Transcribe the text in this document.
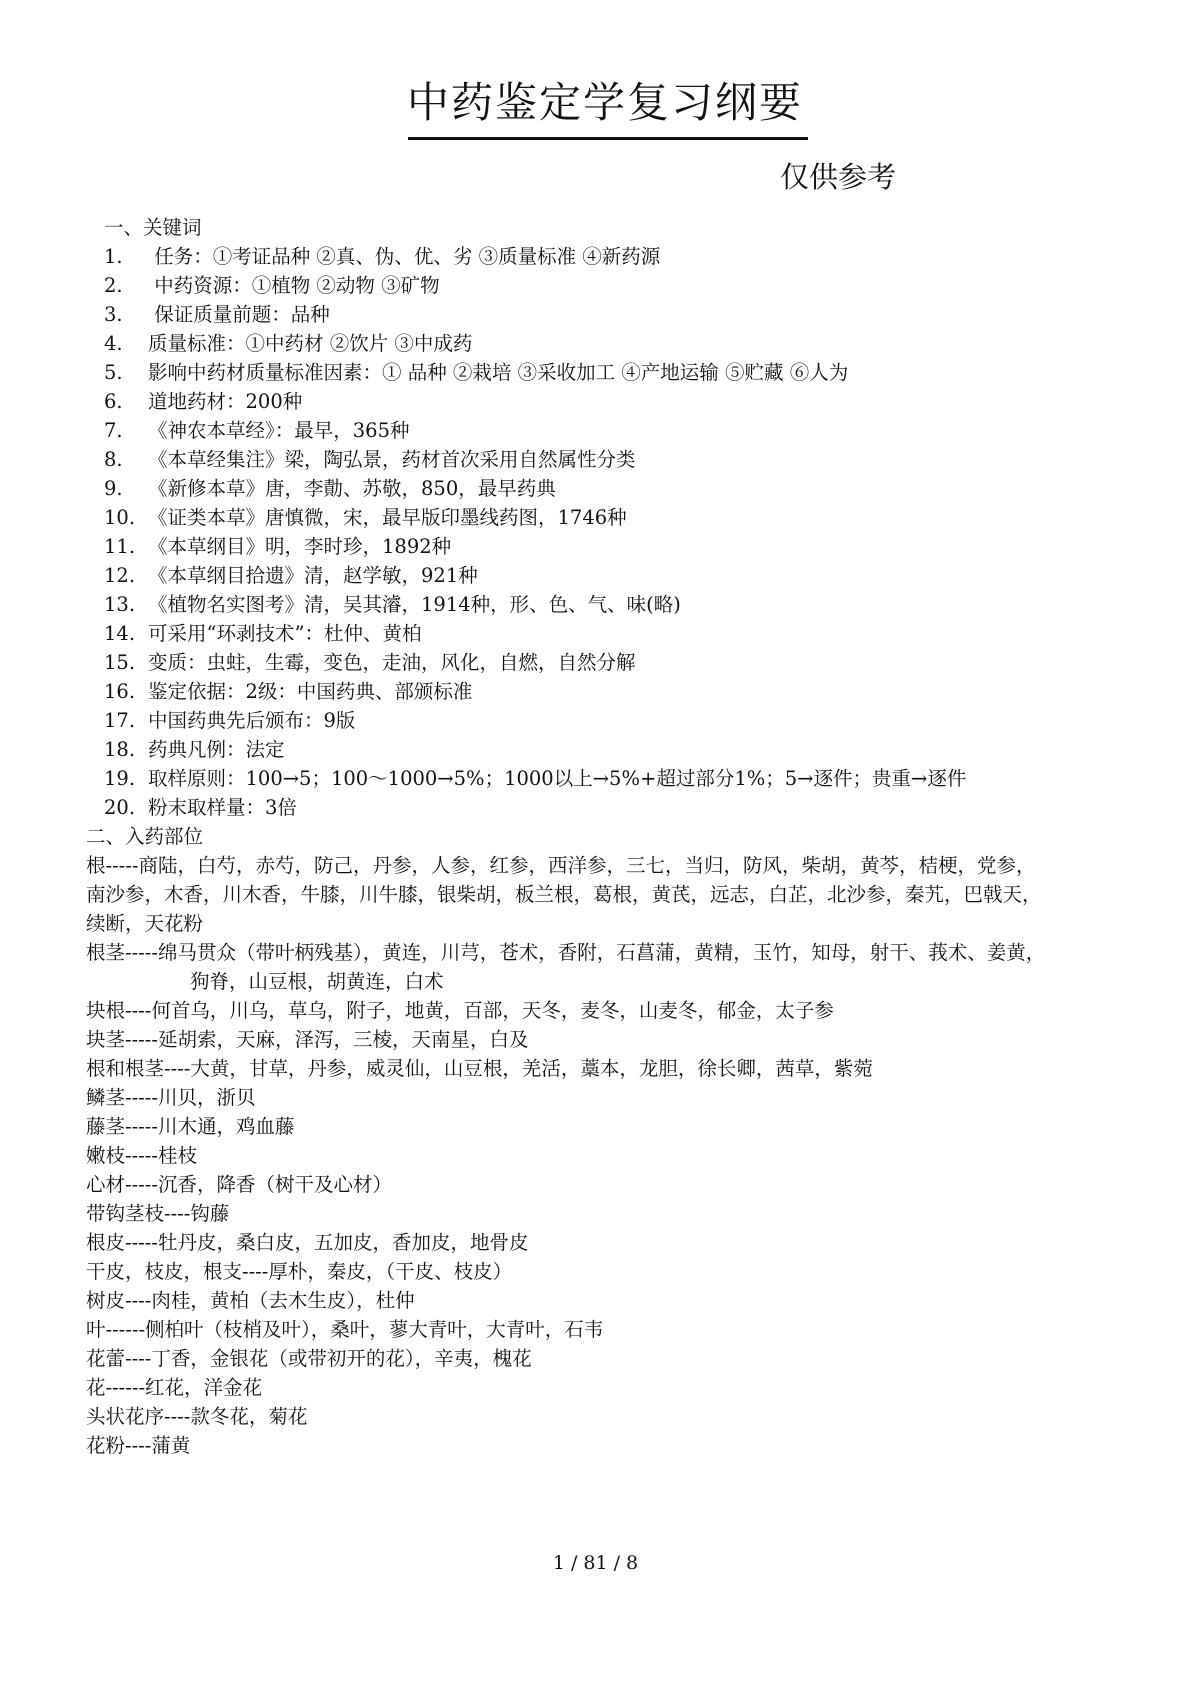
中药鉴定学复习纲要
仅供参考
一、关键词
1. 任务：①考证品种 ②真、伪、优、劣 ③质量标准 ④新药源
2. 中药资源：①植物 ②动物 ③矿物
3. 保证质量前题：品种
4. 质量标准：①中药材 ②饮片 ③中成药
5. 影响中药材质量标准因素：① 品种 ②栽培 ③采收加工 ④产地运输 ⑤贮藏 ⑥人为
6. 道地药材：200种
7. 《神农本草经》：最早，365种
8. 《本草经集注》梁，陶弘景，药材首次采用自然属性分类
9. 《新修本草》唐，李勣、苏敬，850，最早药典
10. 《证类本草》唐慎微，宋，最早版印墨线药图，1746种
11. 《本草纲目》明，李时珍，1892种
12. 《本草纲目拾遗》清，赵学敏，921种
13. 《植物名实图考》清，吴其濬，1914种，形、色、气、味(略)
14. 可采用“环剥技术”：杜仲、黄柏
15. 变质：虫蛀，生霉，变色，走油，风化，自燃，自然分解
16. 鉴定依据：2级：中国药典、部颁标准
17. 中国药典先后颁布：9版
18. 药典凡例：法定
19. 取样原则：100→5；100～1000→5%；1000以上→5%+超过部分1%；5→逐件；贵重→逐件
20. 粉末取样量：3倍
二、入药部位
根-----商陆，白芍，赤芍，防己，丹参，人参，红参，西洋参，三七，当归，防风，柴胡，黄芩，桔梗，党参，
南沙参，木香，川木香，牛膝，川牛膝，银柴胡，板兰根，葛根，黄芪，远志，白芷，北沙参，秦艽，巴戟天，
续断，天花粉
根茎-----绵马贯众（带叶柄残基），黄连，川芎，苍术，香附，石菖蒲，黄精，玉竹，知母，射干、莪术、姜黄，
狗脊，山豆根，胡黄连，白术
块根----何首乌，川乌，草乌，附子，地黄，百部，天冬，麦冬，山麦冬，郁金，太子参
块茎-----延胡索，天麻，泽泻，三棱，天南星，白及
根和根茎----大黄，甘草，丹参，威灵仙，山豆根，羌活，藁本，龙胆，徐长卿，茜草，紫菀
鳞茎-----川贝，浙贝
藤茎-----川木通，鸡血藤
嫩枝-----桂枝
心材-----沉香，降香（树干及心材）
带钩茎枝----钩藤
根皮-----牡丹皮，桑白皮，五加皮，香加皮，地骨皮
干皮，枝皮，根支----厚朴，秦皮，（干皮、枝皮）
树皮----肉桂，黄柏（去木生皮），杜仲
叶------侧柏叶（枝梢及叶），桑叶，蓼大青叶，大青叶，石韦
花蕾----丁香，金银花（或带初开的花），辛夷，槐花
花------红花，洋金花
头状花序----款冬花，菊花
花粉----蒲黄
1 / 81 / 8
